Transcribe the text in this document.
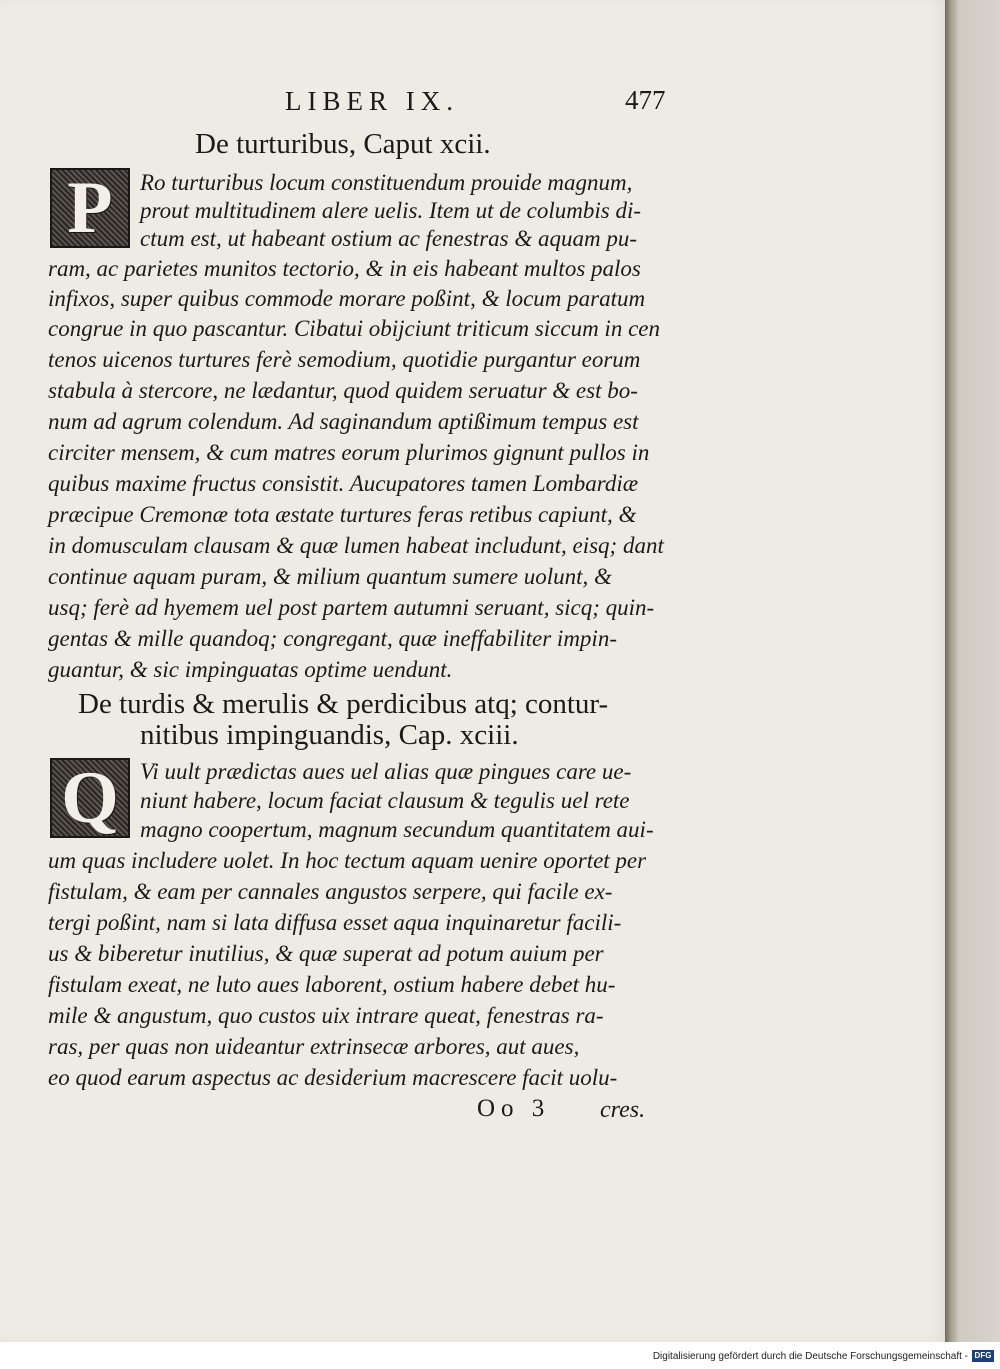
LIBER IX.	477
De turturibus, Caput xcii.
P	Ro turturibus locum constituendum prouide magnum,
prout multitudinem alere uelis. Item ut de columbis di-
ctum est, ut habeant ostium ac fenestras & aquam pu-
ram, ac parietes munitos tectorio, & in eis habeant multos palos
infixos, super quibus commode morare poßint, & locum paratum
congrue in quo pascantur. Cibatui obijciunt triticum siccum in cen
tenos uicenos turtures ferè semodium, quotidie purgantur eorum
stabula à stercore, ne lædantur, quod quidem seruatur & est bo-
num ad agrum colendum. Ad saginandum aptißimum tempus est
circiter mensem, & cum matres eorum plurimos gignunt pullos in
quibus maxime fructus consistit. Aucupatores tamen Lombardiæ
præcipue Cremonæ tota æstate turtures feras retibus capiunt, &
in domusculam clausam & quæ lumen habeat includunt, eisq; dant
continue aquam puram, & milium quantum sumere uolunt, &
usq; ferè ad hyemem uel post partem autumni seruant, sicq; quin-
gentas & mille quandoq; congregant, quæ ineffabiliter impin-
guantur, & sic impinguatas optime uendunt.
De turdis & merulis & perdicibus atq; contur-
nitibus impinguandis, Cap. xciii.
Q Vi uult prædictas aues uel alias quæ pingues care ue-
niunt habere, locum faciat clausum & tegulis uel rete
magno coopertum, magnum secundum quantitatem aui-
um quas includere uolet. In hoc tectum aquam uenire oportet per
fistulam, & eam per cannales angustos serpere, qui facile ex-
tergi poßint, nam si lata diffusa esset aqua inquinaretur facili-
us & biberetur inutilius, & quæ superat ad potum auium per
fistulam exeat, ne luto aues laborent, ostium habere debet hu-
mile & angustum, quo custos uix intrare queat, fenestras ra-
ras, per quas non uideantur extrinsecæ arbores, aut aues,
eo quod earum aspectus ac desiderium macrescere facit uolu-
Oo 3 cres.
Digitalisierung gefördert durch die Deutsche Forschungsgemeinschaft - DFG
